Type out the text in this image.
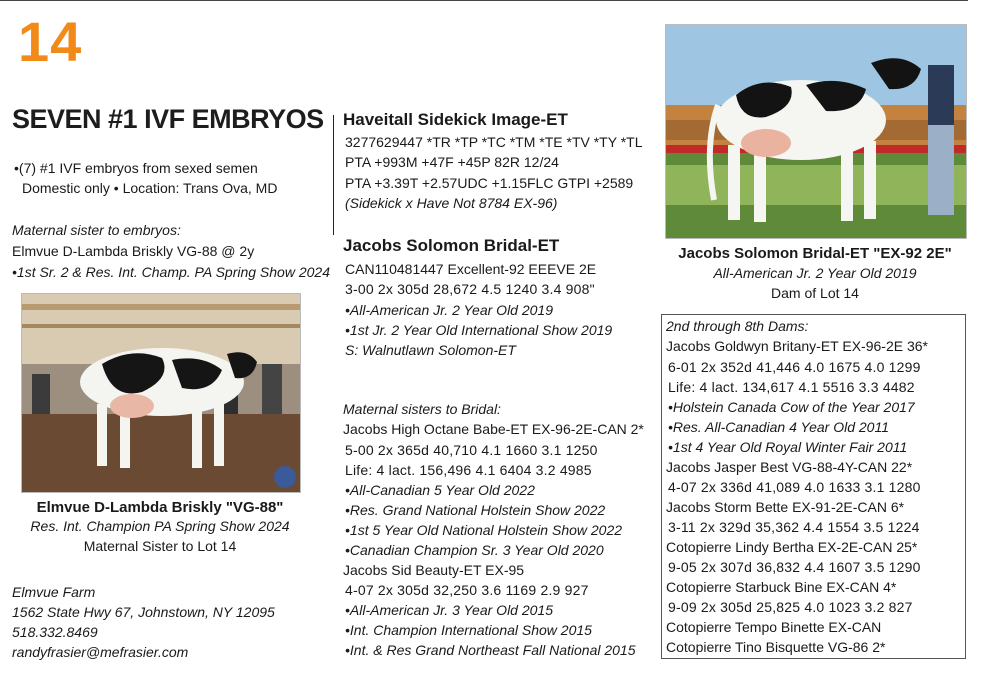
14
SEVEN #1 IVF EMBRYOS
•(7) #1 IVF embryos from sexed semen
Domestic only • Location: Trans Ova, MD
Maternal sister to embryos:
Elmvue D-Lambda Briskly VG-88 @ 2y
•1st Sr. 2 & Res. Int. Champ. PA Spring Show 2024
Elmvue D-Lambda Briskly "VG-88"
Res. Int. Champion PA Spring Show 2024
Maternal Sister to Lot 14
Elmvue Farm
1562 State Hwy 67, Johnstown, NY 12095
518.332.8469
randyfrasier@mefrasier.com
Haveitall Sidekick Image-ET
3277629447 *TR *TP *TC *TM *TE *TV *TY *TL
PTA +993M +47F +45P 82R 12/24
PTA +3.39T +2.57UDC +1.15FLC GTPI +2589
(Sidekick x Have Not 8784 EX-96)
Jacobs Solomon Bridal-ET
CAN110481447 Excellent-92 EEEVE 2E
3-00 2x 305d 28,672 4.5 1240 3.4 908"
•All-American Jr. 2 Year Old 2019
•1st Jr. 2 Year Old International Show 2019
S: Walnutlawn Solomon-ET
Maternal sisters to Bridal:
Jacobs High Octane Babe-ET EX-96-2E-CAN 2*
5-00 2x 365d 40,710 4.1 1660 3.1 1250
Life: 4 lact. 156,496 4.1 6404 3.2 4985
•All-Canadian 5 Year Old 2022
•Res. Grand National Holstein Show 2022
•1st 5 Year Old National Holstein Show 2022
•Canadian Champion Sr. 3 Year Old 2020
Jacobs Sid Beauty-ET EX-95
4-07 2x 305d 32,250 3.6 1169 2.9 927
•All-American Jr. 3 Year Old 2015
•Int. Champion International Show 2015
•Int. & Res Grand Northeast Fall National 2015
Jacobs Solomon Bridal-ET "EX-92 2E"
All-American Jr. 2 Year Old 2019
Dam of Lot 14
2nd through 8th Dams:
Jacobs Goldwyn Britany-ET EX-96-2E 36*
6-01 2x 352d 41,446 4.0 1675 4.0 1299
Life: 4 lact. 134,617 4.1 5516 3.3 4482
•Holstein Canada Cow of the Year 2017
•Res. All-Canadian 4 Year Old 2011
•1st 4 Year Old Royal Winter Fair 2011
Jacobs Jasper Best VG-88-4Y-CAN 22*
4-07 2x 336d 41,089 4.0 1633 3.1 1280
Jacobs Storm Bette EX-91-2E-CAN 6*
3-11 2x 329d 35,362 4.4 1554 3.5 1224
Cotopierre Lindy Bertha EX-2E-CAN 25*
9-05 2x 307d 36,832 4.4 1607 3.5 1290
Cotopierre Starbuck Bine EX-CAN 4*
9-09 2x 305d 25,825 4.0 1023 3.2 827
Cotopierre Tempo Binette EX-CAN
Cotopierre Tino Bisquette VG-86 2*
